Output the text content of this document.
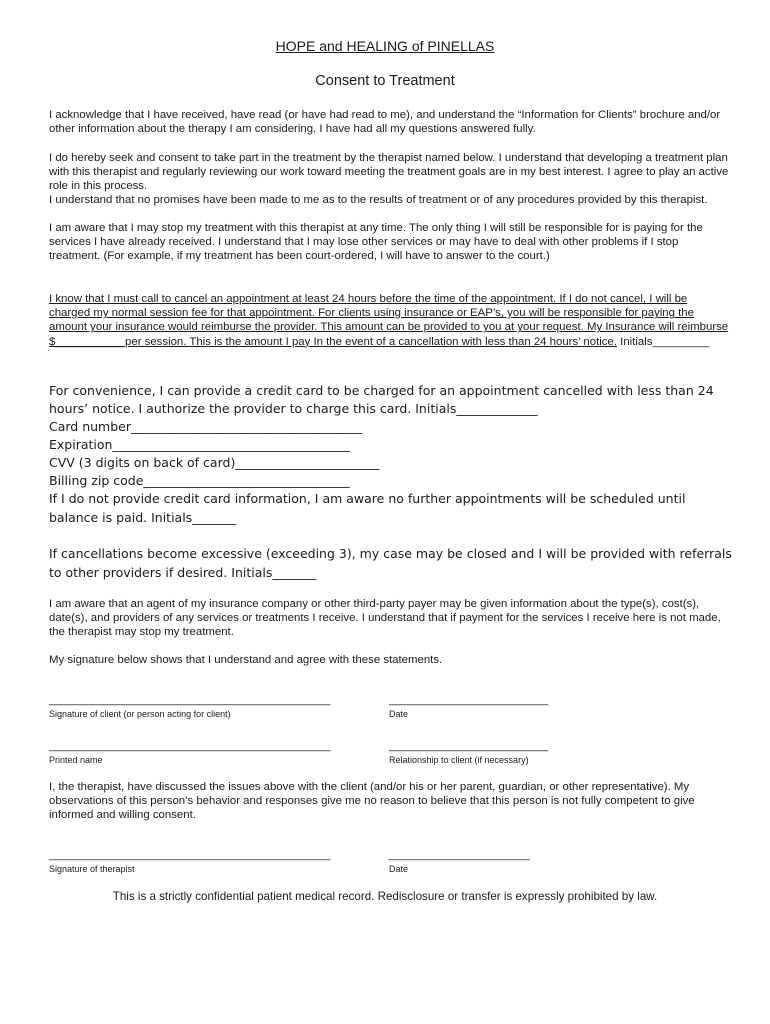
HOPE and HEALING of PINELLAS
Consent to Treatment

I acknowledge that I have received, have read (or have had read to me), and understand the “Information for Clients” brochure and/or other information about the therapy I am considering. I have had all my questions answered fully.

I do hereby seek and consent to take part in the treatment by the therapist named below. I understand that developing a treatment plan with this therapist and regularly reviewing our work toward meeting the treatment goals are in my best interest. I agree to play an active role in this process.

I understand that no promises have been made to me as to the results of treatment or of any procedures provided by this therapist.

I am aware that I may stop my treatment with this therapist at any time. The only thing I will still be responsible for is paying for the services I have already received. I understand that I may lose other services or may have to deal with other problems if I stop treatment. (For example, if my treatment has been court-ordered, I will have to answer to the court.)

I know that I must call to cancel an appointment at least 24 hours before the time of the appointment. If I do not cancel, I will be charged my normal session fee for that appointment. For clients using insurance or EAP’s, you will be responsible for paying the amount your insurance would reimburse the provider. This amount can be provided to you at your request. My Insurance will reimburse $___________per session. This is the amount I pay In the event of a cancellation with less than 24 hours’ notice. Initials_________

For convenience, I can provide a credit card to be charged for an appointment cancelled with less than 24

hours’ notice. I authorize the provider to charge this card. Initials_____________

Card number_____________________________________

Expiration______________________________________

CVV (3 digits on back of card)_______________________

Billing zip code_________________________________

If I do not provide credit card information, I am aware no further appointments will be scheduled until

balance is paid. Initials_______

If cancellations become excessive (exceeding 3), my case may be closed and I will be provided with referrals

to other providers if desired. Initials_______

I am aware that an agent of my insurance company or other third-party payer may be given information about the type(s), cost(s), date(s), and providers of any services or treatments I receive. I understand that if payment for the services I receive here is not made, the therapist may stop my treatment.

My signature below shows that I understand and agree with these statements.

______________________________________________
Signature of client (or person acting for client)
__________________________
Date
______________________________________________
Printed name
__________________________
Relationship to client (if necessary)

I, the therapist, have discussed the issues above with the client (and/or his or her parent, guardian, or other representative). My observations of this person’s behavior and responses give me no reason to believe that this person is not fully competent to give informed and willing consent.

______________________________________________
Signature of therapist
_______________________
Date
This is a strictly confidential patient medical record. Redisclosure or transfer is expressly prohibited by law.
